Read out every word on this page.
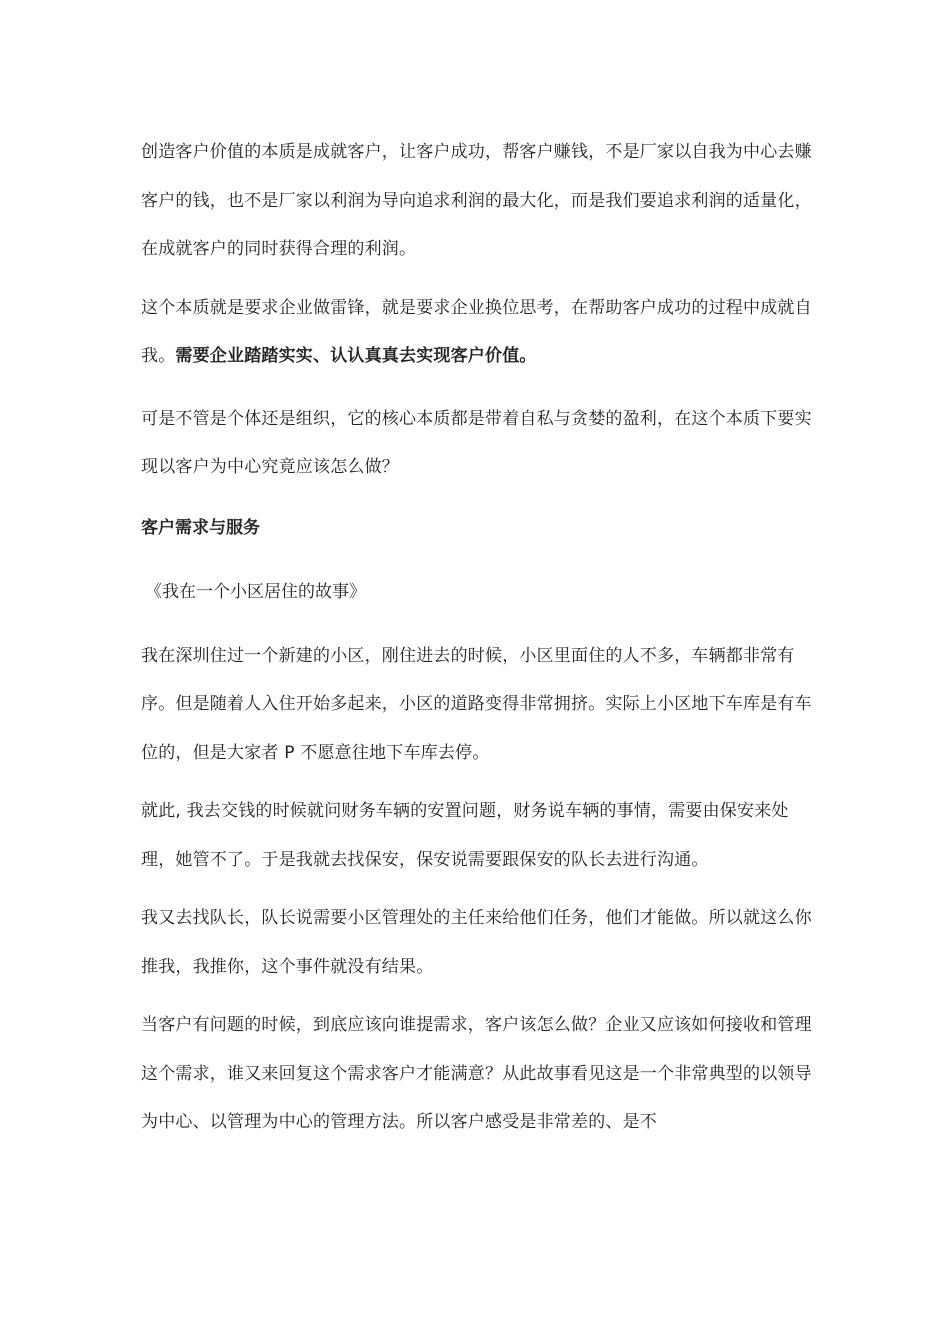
创造客户价值的本质是成就客户，让客户成功，帮客户赚钱，不是厂家以自我为中心去赚客户的钱，也不是厂家以利润为导向追求利润的最大化，而是我们要追求利润的适量化，在成就客户的同时获得合理的利润。

这个本质就是要求企业做雷锋，就是要求企业换位思考，在帮助客户成功的过程中成就自我。需要企业踏踏实实、认认真真去实现客户价值。

可是不管是个体还是组织，它的核心本质都是带着自私与贪婪的盈利，在这个本质下要实现以客户为中心究竟应该怎么做？

客户需求与服务
《我在一个小区居住的故事》

我在深圳住过一个新建的小区，刚住进去的时候，小区里面住的人不多，车辆都非常有序。但是随着人入住开始多起来，小区的道路变得非常拥挤。实际上小区地下车库是有车位的，但是大家者 P 不愿意往地下车库去停。

就此, 我去交钱的时候就问财务车辆的安置问题，财务说车辆的事情，需要由保安来处理，她管不了。于是我就去找保安，保安说需要跟保安的队长去进行沟通。

我又去找队长，队长说需要小区管理处的主任来给他们任务，他们才能做。所以就这么你推我，我推你，这个事件就没有结果。

当客户有问题的时候，到底应该向谁提需求，客户该怎么做？企业又应该如何接收和管理这个需求，谁又来回复这个需求客户才能满意？从此故事看见这是一个非常典型的以领导为中心、以管理为中心的管理方法。所以客户感受是非常差的、是不
